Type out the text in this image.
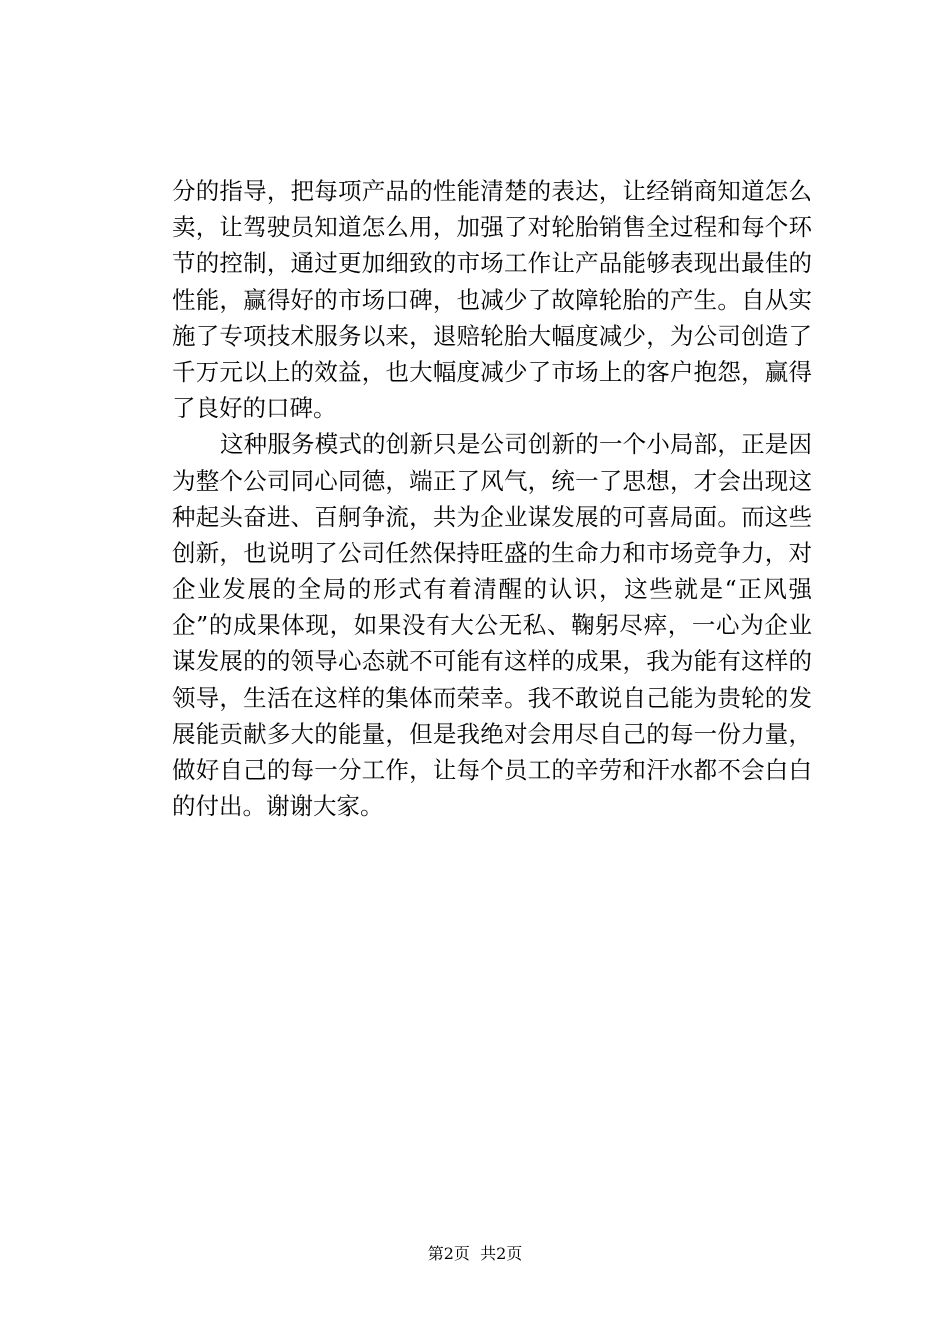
分的指导，把每项产品的性能清楚的表达，让经销商知道怎么
卖，让驾驶员知道怎么用，加强了对轮胎销售全过程和每个环
节的控制，通过更加细致的市场工作让产品能够表现出最佳的
性能，赢得好的市场口碑，也减少了故障轮胎的产生。自从实
施了专项技术服务以来，退赔轮胎大幅度减少，为公司创造了
千万元以上的效益，也大幅度减少了市场上的客户抱怨，赢得
了良好的口碑。
这种服务模式的创新只是公司创新的一个小局部，正是因
为整个公司同心同德，端正了风气，统一了思想，才会出现这
种起头奋进、百舸争流，共为企业谋发展的可喜局面。而这些
创新，也说明了公司任然保持旺盛的生命力和市场竞争力，对
企业发展的全局的形式有着清醒的认识，这些就是“正风强
企”的成果体现，如果没有大公无私、鞠躬尽瘁，一心为企业
谋发展的的领导心态就不可能有这样的成果，我为能有这样的
领导，生活在这样的集体而荣幸。我不敢说自己能为贵轮的发
展能贡献多大的能量，但是我绝对会用尽自己的每一份力量，
做好自己的每一分工作，让每个员工的辛劳和汗水都不会白白
的付出。谢谢大家。
第2页  共2页
